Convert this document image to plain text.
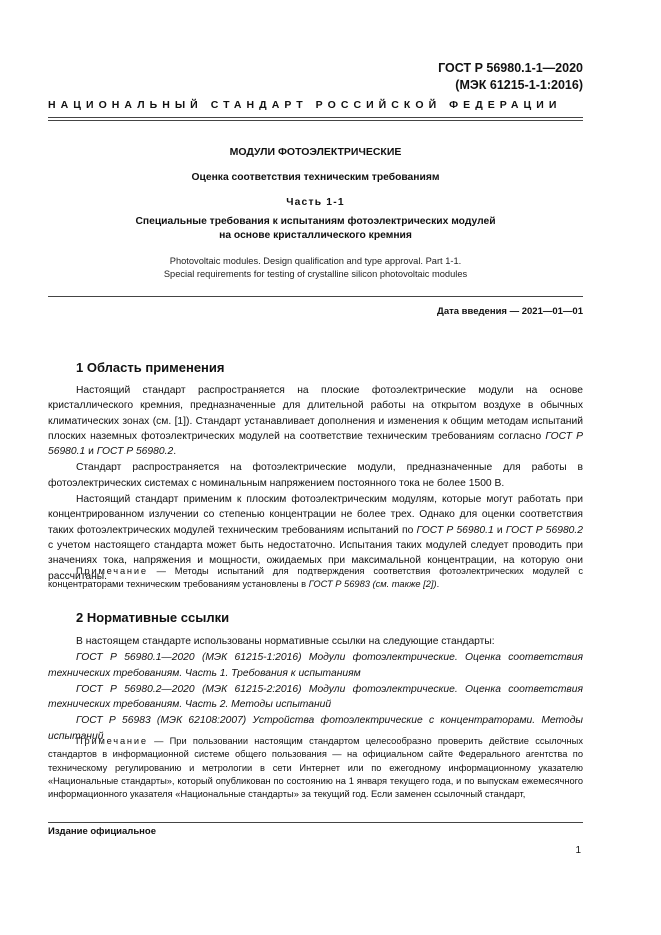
ГОСТ Р 56980.1-1—2020
(МЭК 61215-1-1:2016)
НАЦИОНАЛЬНЫЙ СТАНДАРТ РОССИЙСКОЙ ФЕДЕРАЦИИ
МОДУЛИ ФОТОЭЛЕКТРИЧЕСКИЕ
Оценка соответствия техническим требованиям
Часть 1-1
Специальные требования к испытаниям фотоэлектрических модулей
на основе кристаллического кремния
Photovoltaic modules. Design qualification and type approval. Part 1-1.
Special requirements for testing of crystalline silicon photovoltaic modules
Дата введения — 2021—01—01
1 Область применения

Настоящий стандарт распространяется на плоские фотоэлектрические модули на основе кристаллического кремния, предназначенные для длительной работы на открытом воздухе в обычных климатических зонах (см. [1]). Стандарт устанавливает дополнения и изменения к общим методам испытаний плоских наземных фотоэлектрических модулей на соответствие техническим требованиям согласно ГОСТ Р 56980.1 и ГОСТ Р 56980.2.

Стандарт распространяется на фотоэлектрические модули, предназначенные для работы в фотоэлектрических системах с номинальным напряжением постоянного тока не более 1500 В.

Настоящий стандарт применим к плоским фотоэлектрическим модулям, которые могут работать при концентрированном излучении со степенью концентрации не более трех. Однако для оценки соответствия таких фотоэлектрических модулей техническим требованиям испытаний по ГОСТ Р 56980.1 и ГОСТ Р 56980.2 с учетом настоящего стандарта может быть недостаточно. Испытания таких модулей следует проводить при значениях тока, напряжения и мощности, ожидаемых при максимальной концентрации, на которую они рассчитаны.

Примечание — Методы испытаний для подтверждения соответствия фотоэлектрических модулей с концентраторами техническим требованиям установлены в ГОСТ Р 56983 (см. также [2]).

2 Нормативные ссылки

В настоящем стандарте использованы нормативные ссылки на следующие стандарты:

ГОСТ Р 56980.1—2020 (МЭК 61215-1:2016) Модули фотоэлектрические. Оценка соответствия технических требованиям. Часть 1. Требования к испытаниям

ГОСТ Р 56980.2—2020 (МЭК 61215-2:2016) Модули фотоэлектрические. Оценка соответствия технических требованиям. Часть 2. Методы испытаний

ГОСТ Р 56983 (МЭК 62108:2007) Устройства фотоэлектрические с концентраторами. Методы испытаний

Примечание — При пользовании настоящим стандартом целесообразно проверить действие ссылочных стандартов в информационной системе общего пользования — на официальном сайте Федерального агентства по техническому регулированию и метрологии в сети Интернет или по ежегодному информационному указателю «Национальные стандарты», который опубликован по состоянию на 1 января текущего года, и по выпускам ежемесячного информационного указателя «Национальные стандарты» за текущий год. Если заменен ссылочный стандарт,

Издание официальное
1
